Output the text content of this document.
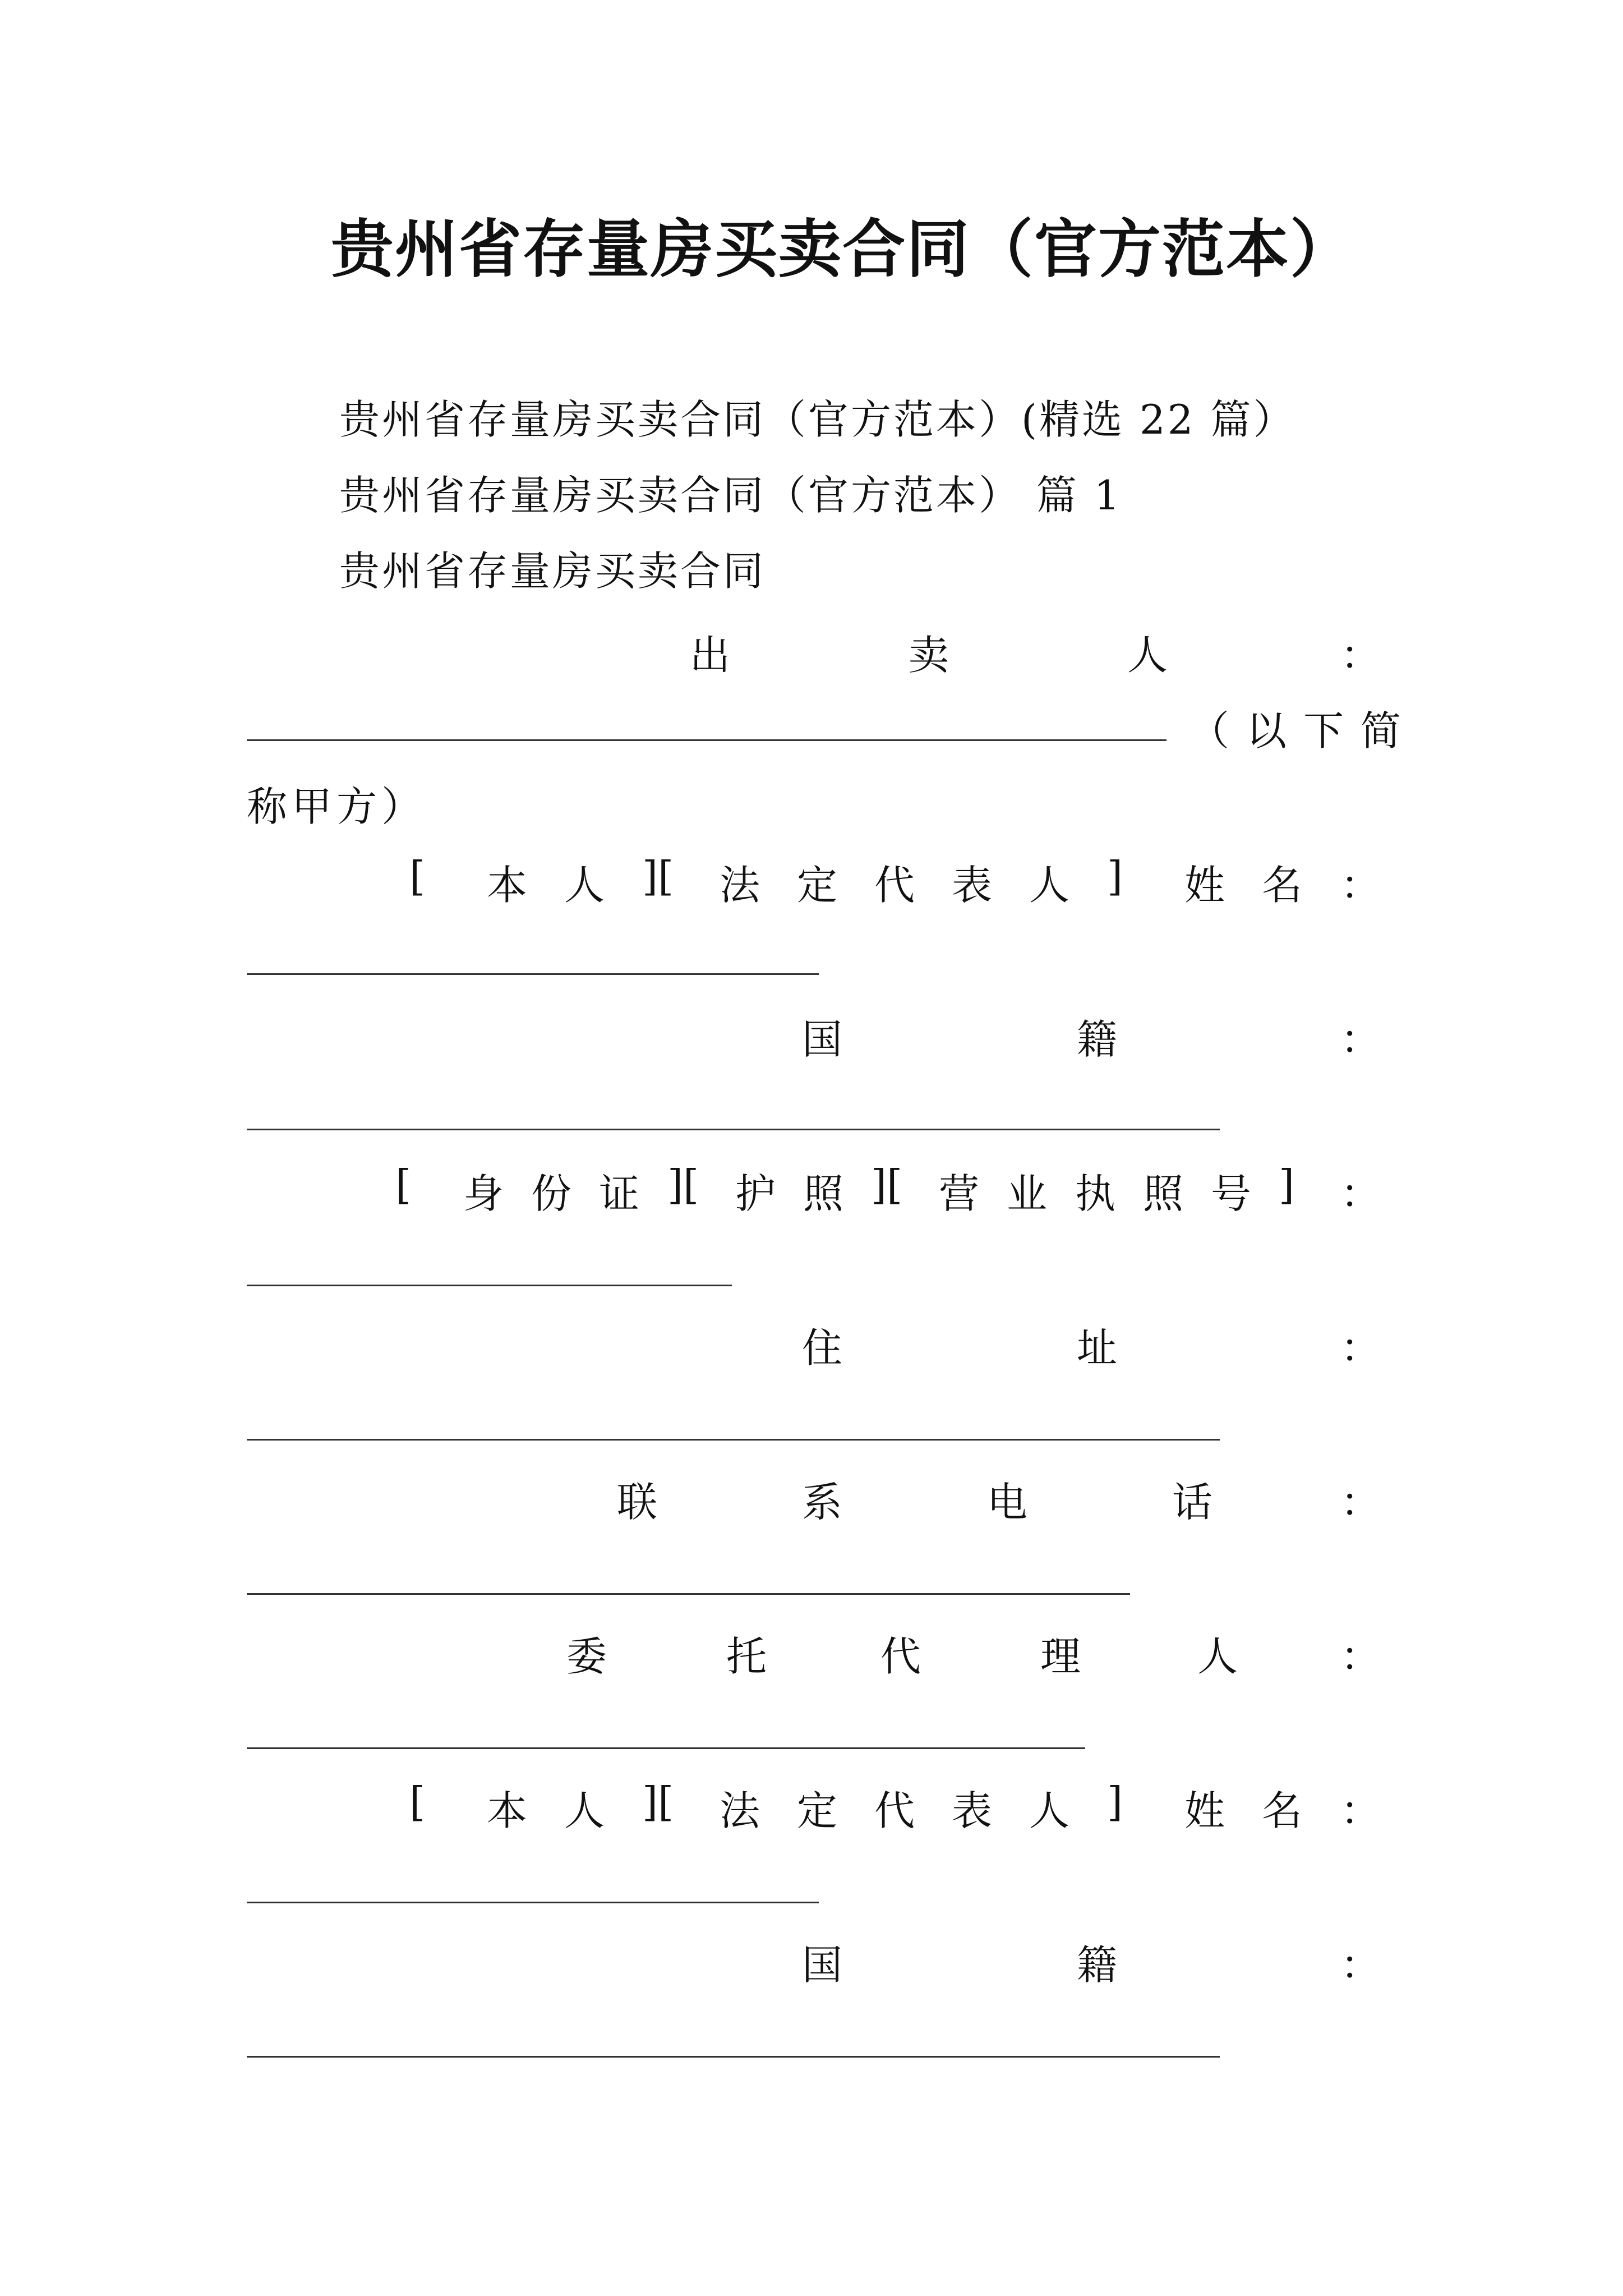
贵州省存量房买卖合同（官方范本）
贵州省存量房买卖合同（官方范本）(精选 22 篇）
贵州省存量房买卖合同（官方范本） 篇 1
贵州省存量房买卖合同
出	卖	人	：
（以下简
称甲方）
[ 本 人 ][ 法 定 代 表 人 ] 姓 名 ：
国	籍	：
[ 身 份 证 ][ 护 照 ][ 营 业 执 照 号 ] ：
住	址	：
联	系	电	话	：
委	托	代	理	人	：
[ 本 人 ][ 法 定 代 表 人 ] 姓 名 ：
国	籍	：
